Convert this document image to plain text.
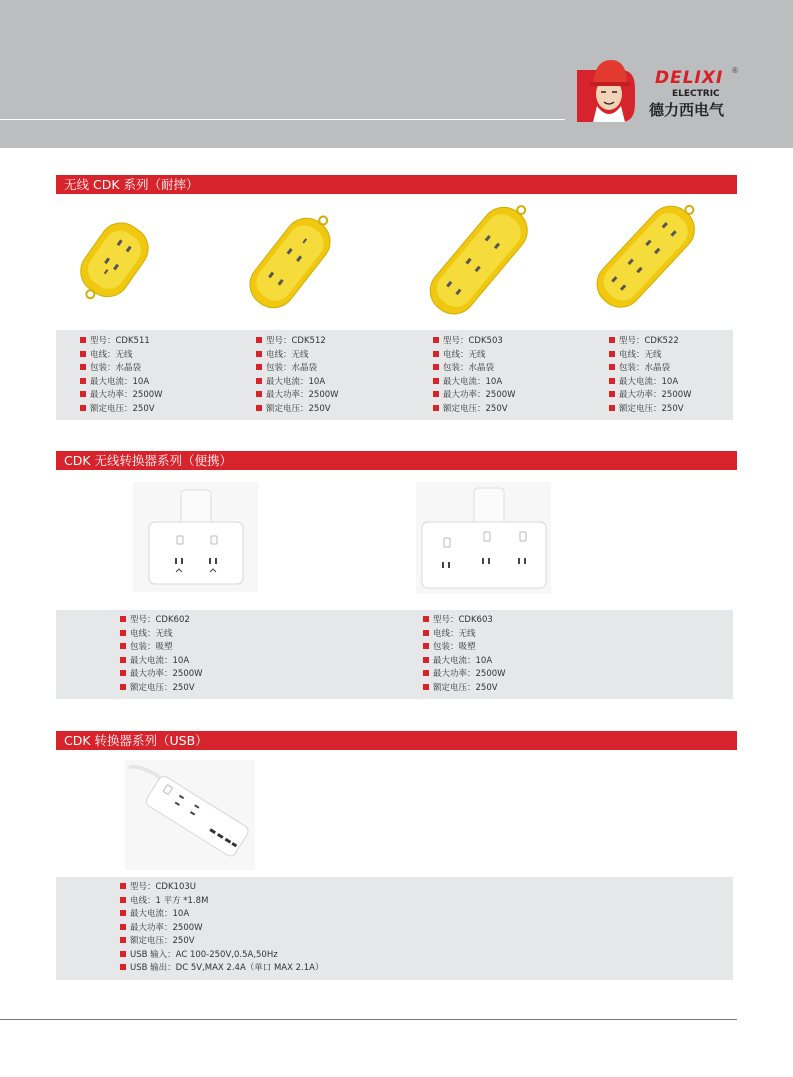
DELIXI ®
ELECTRIC
德力西电气
无线 CDK 系列（耐摔）
型号：CDK511
电线：无线
包装：水晶袋
最大电流：10A
最大功率：2500W
额定电压：250V
型号：CDK512
电线：无线
包装：水晶袋
最大电流：10A
最大功率：2500W
额定电压：250V
型号：CDK503
电线：无线
包装：水晶袋
最大电流：10A
最大功率：2500W
额定电压：250V
型号：CDK522
电线：无线
包装：水晶袋
最大电流：10A
最大功率：2500W
额定电压：250V
CDK 无线转换器系列（便携）
型号：CDK602
电线：无线
包装：吸塑
最大电流：10A
最大功率：2500W
额定电压：250V
型号：CDK603
电线：无线
包装：吸塑
最大电流：10A
最大功率：2500W
额定电压：250V
CDK 转换器系列（USB）
型号：CDK103U
电线：1 平方 *1.8M
最大电流：10A
最大功率：2500W
额定电压：250V
USB 输入：AC 100-250V,0.5A,50Hz
USB 输出：DC 5V,MAX 2.4A（单口 MAX 2.1A）
